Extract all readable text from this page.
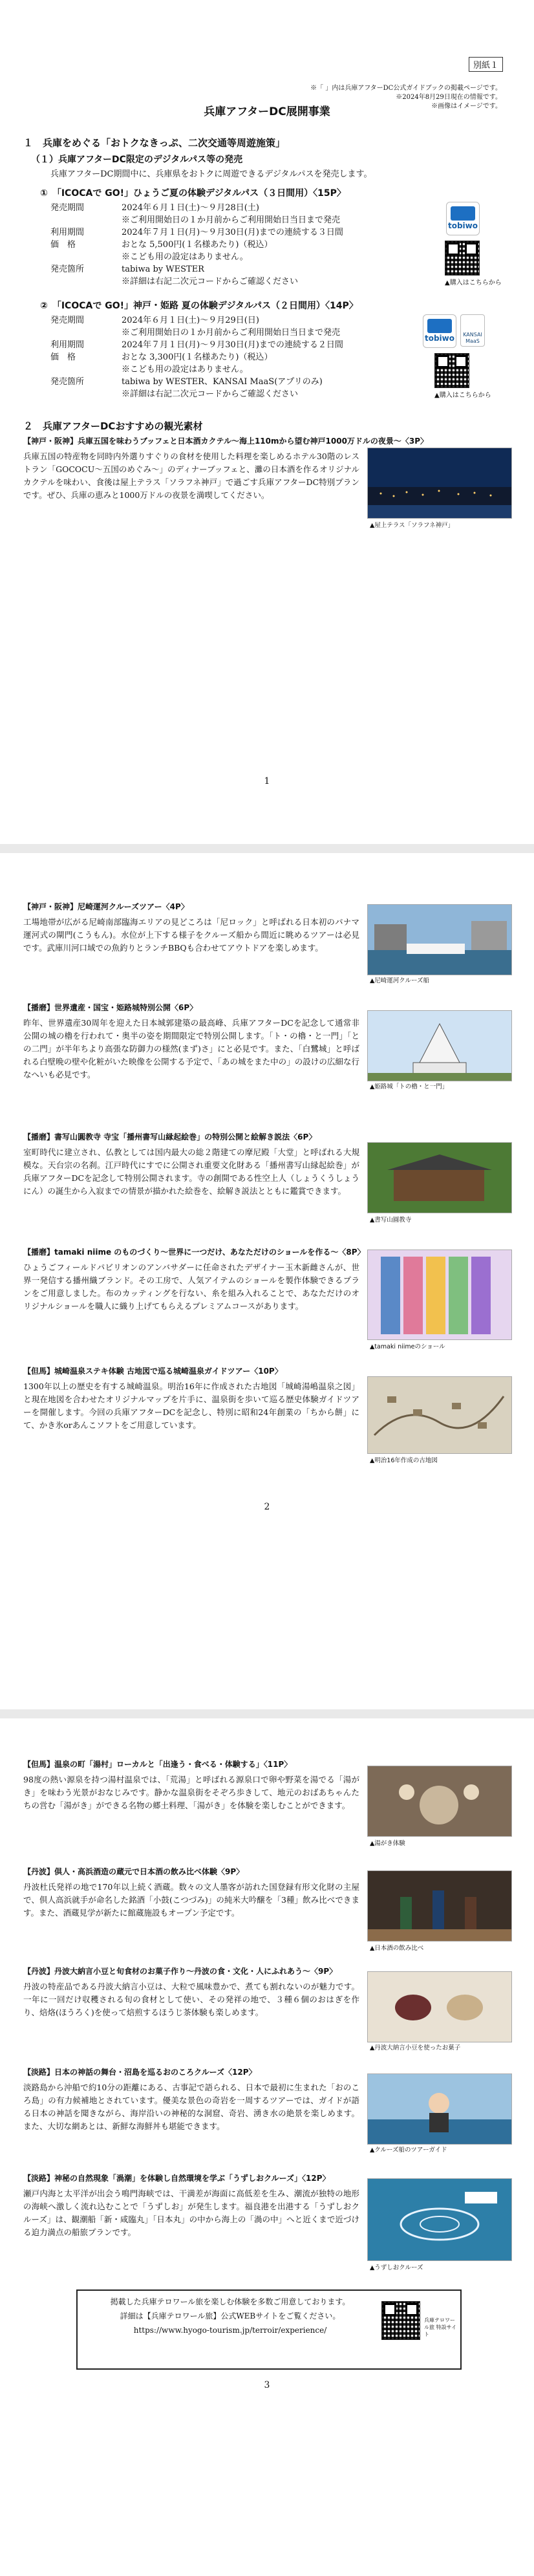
別紙１
※「 」内は兵庫アフターDC公式ガイドブックの掲載ページです。
※2024年8月29日現在の情報です。
※画像はイメージです。
兵庫アフターDC展開事業
１　兵庫をめぐる「おトクなきっぷ、二次交通等周遊施策」
（１）兵庫アフターDC限定のデジタルパス等の発売
兵庫アフターDC期間中に、兵庫県をおトクに周遊できるデジタルパスを発売します。
①　「ICOCAで GO!」ひょうご夏の体験デジタルパス（３日間用）〈15P〉
発売期間	2024年６月１日(土)～９月28日(土)
※ご利用開始日の１か月前からご利用開始日当日まで発売
利用期間	2024年７月１日(月)～９月30日(月)までの連続する３日間
価　格	おとな 5,500円(１名様あたり)（税込）
※こども用の設定はありません。
発売箇所	tabiwa by WESTER
※詳細は右記二次元コードからご確認ください
tobiwo
▲購入はこちらから
②　「ICOCAで GO!」神戸・姫路 夏の体験デジタルパス（２日間用）〈14P〉
発売期間	2024年６月１日(土)～９月29日(日)
※ご利用開始日の１か月前からご利用開始日当日まで発売
利用期間	2024年７月１日(月)～９月30日(月)までの連続する２日間
価　格	おとな 3,300円(１名様あたり)（税込）
※こども用の設定はありません。
発売箇所	tabiwa by WESTER、KANSAI MaaS(アプリのみ)
※詳細は右記二次元コードからご確認ください
tobiwo	KANSAI MaaS
▲購入はこちらから
２　兵庫アフターDCおすすめの観光素材
【神戸・阪神】兵庫五国を味わうブッフェと日本酒カクテル～海上110mから望む神戸1000万ドルの夜景～〈3P〉
兵庫五国の特産物を同時内外選りすぐりの食材を使用した料理を楽しめるホテル30階のレストラン「GOCOCU～五国のめぐみ～」のディナーブッフェと、灘の日本酒を作るオリジナルカクテルを味わい、食後は屋上テラス「ソラフネ神戸」で過ごす兵庫アフターDC特別プランです。ぜひ、兵庫の恵みと1000万ドルの夜景を満喫してください。
▲屋上テラス「ソラフネ神戸」
1
【神戸・阪神】尼崎運河クルーズツアー〈4P〉
工場地帯が広がる尼崎南部臨海エリアの見どころは「尼ロック」と呼ばれる日本初のパナマ運河式の閘門(こうもん)。水位が上下する様子をクルーズ船から間近に眺めるツアーは必見です。武庫川河口域での魚釣りとランチBBQも合わせてアウトドアを楽しめます。
▲尼崎運河クルーズ船
【播磨】世界遺産・国宝・姫路城特別公開〈6P〉
昨年、世界遺産30周年を迎えた日本城郭建築の最高峰、兵庫アフターDCを記念して通常非公開の城の櫓を行われて・奥半の姿を期間限定で特別公開します。「ト・の櫓・と一門」「との二門」が半年ちより高張な防御力の様然(まず)さ」にと必見です。また、「白鷺城」と呼ばれる白壁晩の壁や化粧がいた映像を公開する予定で、「あの城をまた中の」の設けの広細な行なへいも必見です。
▲姫路城「トの櫓・と一門」
【播磨】書写山圓教寺 寺宝「播州書写山縁起絵巻」の特別公開と絵解き説法〈6P〉
室町時代に建立され、仏教としては国内最大の総２階建ての摩尼殿「大堂」と呼ばれる大規模な。天台宗の名刹。江戸時代にすでに公開され重要文化財ある「播州書写山縁起絵巻」が兵庫アフターDCを記念して特別公開されます。寺の創開である性空上人（しょうくうしょうにん）の誕生から入寂までの情景が描かれた絵巻を、絵解き説法とともに鑑賞できます。
▲書写山圓教寺
【播磨】tamaki niime のものづくり～世界に一つだけ、あなただけのショールを作る～〈8P〉
ひょうごフィールドパビリオンのアンバサダーに任命されたデザイナー玉木新雌さんが、世界一発信する播州織ブランド。その工房で、人気アイテムのショールを製作体験できるプランをご用意しました。布のカッティングを行ない、糸を組み入れることで、あなただけのオリジナルショールを職人に織り上げてもらえるプレミアムコースがあります。
▲tamaki niimeのショール
【但馬】城崎温泉ステキ体験 古地図で巡る城崎温泉ガイドツアー〈10P〉
1300年以上の歴史を有する城崎温泉。明治16年に作成された古地図「城崎湯嶋温泉之図」と現在地図を合わせたオリジナルマップを片手に、温泉街を歩いて巡る歴史体験ガイドツアーを開催します。今回の兵庫アフターDCを記念し、特別に昭和24年創業の「ちから餅」にて、かき氷orあんこソフトをご用意しています。
▲明治16年作成の古地図
2
【但馬】温泉の町「湯村」ローカルと「出逢う・食べる・体験する」〈11P〉
98度の熱い源泉を持つ湯村温泉では、「荒湯」と呼ばれる源泉口で卵や野菜を湯でる「湯がき」を味わう光景がおなじみです。静かな温泉街をそぞろ歩きして、地元のおばあちゃんたちの営む「湯がき」ができる名物の郷土料理、「湯がき」を体験を楽しむことができます。
▲湯がき体験
【丹波】倶人・高浜酒造の蔵元で日本酒の飲み比べ体験〈9P〉
丹波杜氏発祥の地で170年以上続く酒蔵。数々の文人墨客が訪れた国登録有形文化財の主屋で、倶人高浜就手が命名した銘酒「小鼓(こつづみ)」の純米大吟醸を「3種」飲み比べできます。また、酒蔵見学が新たに館蔵施設もオープン予定です。
▲日本酒の飲み比べ
【丹波】丹波大納言小豆と旬食材のお菓子作り～丹波の食・文化・人にふれあう～〈9P〉
丹波の特産品である丹波大納言小豆は、大粒で風味豊かで、煮ても割れないのが魅力です。一年に一回だけ収穫される旬の食材として使い、その発祥の地で、３種６個のおはぎを作り、焙烙(ほうろく)を使って焙煎するほうじ茶体験も楽しめます。
▲丹波大納言小豆を使ったお菓子
【淡路】日本の神話の舞台・沼島を巡るおのころクルーズ〈12P〉
淡路島から沖船で約10分の距離にある、古事記で語られる、日本で最初に生まれた「おのころ島」の有力候補地とされています。優美な景色の奇岩を一周するツアーでは、ガイドが語る日本の神話を聞きながら、海岸沿いの神秘的な洞窟、奇岩、湧き水の絶景を楽しめます。また、大切な網あとは、新鮮な海鮮丼も堪能できます。
▲クルーズ船のツアーガイド
【淡路】神秘の自然現象「渦潮」を体験し自然環境を学ぶ「うずしおクルーズ」〈12P〉
瀬戸内海と太平洋が出会う鳴門海峡では、干満差が海面に高低差を生み、潮流が独特の地形の海峡へ激しく流れ込むことで「うずしお」が発生します。福良港を出港する「うずしおクルーズ」は、観潮船「新・咸臨丸」「日本丸」の中から海上の「渦の中」へと近くまで近づける迫力満点の船旅プランです。
▲うずしおクルーズ
掲載した兵庫テロワール旅を楽しむ体験を多数ご用意しております。
詳細は【兵庫テロワール旅】公式WEBサイトをご覧ください。
https://www.hyogo-tourism.jp/terroir/experience/
兵庫テロワール旅 特設サイト
3
